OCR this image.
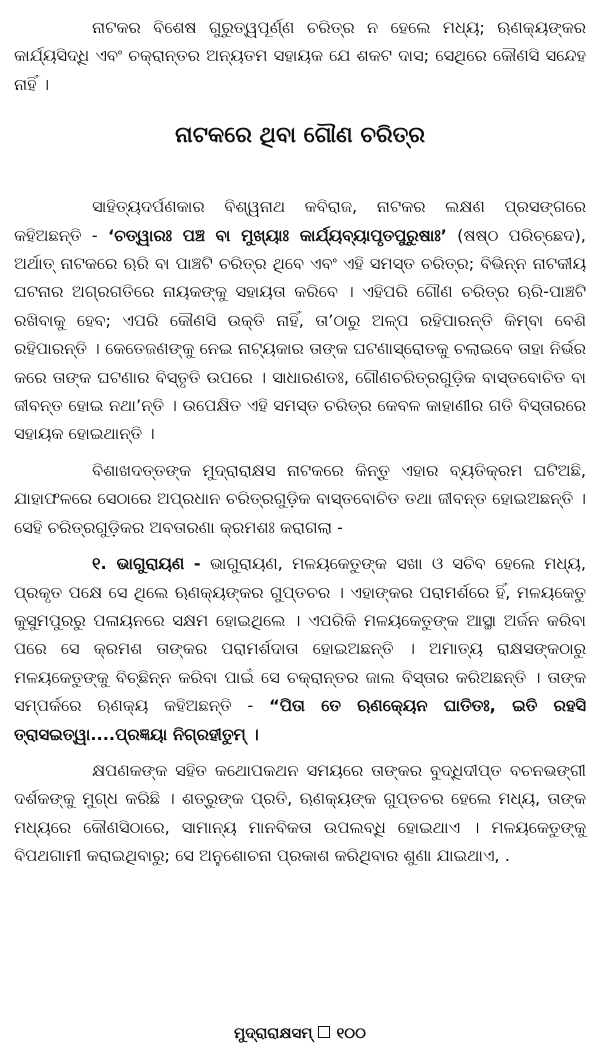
ନାଟକର ବିଶେଷ ଗୁରୁତ୍ୱପୂର୍ଣ୍ଣ ଚରିତ୍ର ନ ହେଲେ ମଧ୍ୟ; ଋଣକ୍ୟଙ୍କର କାର୍ଯ୍ୟସିଦ୍ଧି ଏବଂ ଚକ୍ରାନ୍ତର ଅନ୍ୟତମ ସହାୟକ ଯେ ଶକଟ ଦାସ; ସେଥିରେ କୌଣସି ସନ୍ଦେହ ନାହିଁ ।

ନାଟକରେ ଥିବା ଗୌଣ ଚରିତ୍ର

ସାହିତ୍ୟଦର୍ପଣକାର ବିଶ୍ୱନାଥ କବିରାଜ, ନାଟକର ଲକ୍ଷଣ ପ୍ରସଙ୍ଗରେ କହିଅଛନ୍ତି - ‘ଚତ୍ୱାରଃ ପଞ୍ଚ ବା ମୁଖ୍ୟାଃ କାର୍ଯ୍ୟବ୍ୟାପୃତପୁରୁଷାଃ’ (ଷଷ୍ଠ ପରିଚ୍ଛେଦ), ଅର୍ଥାତ୍ ନାଟକରେ ଋରି ବା ପାଞ୍ଚଟି ଚରିତ୍ର ଥିବେ ଏବଂ ଏହି ସମସ୍ତ ଚରିତ୍ର; ବିଭିନ୍ନ ନାଟକୀୟ ଘଟନାର ଅଗ୍ରଗତିରେ ନାୟକଙ୍କୁ ସହାୟତା କରିବେ । ଏହିପରି ଗୌଣ ଚରିତ୍ର ଋରି-ପାଞ୍ଚଟି ରଖିବାକୁ ହେବ; ଏପରି କୌଣସି ଉକ୍ତି ନାହିଁ, ତା’ଠାରୁ ଅଳ୍ପ ରହିପାରନ୍ତି କିମ୍ବା ବେଶି ରହିପାରନ୍ତି । କେତେଜଣଙ୍କୁ ନେଇ ନାଟ୍ୟକାର ତାଙ୍କ ଘଟଣାସ୍ରୋତକୁ ଚଲାଇବେ ତାହା ନିର୍ଭର କରେ ତାଙ୍କ ଘଟଣାର ବିସ୍ତୃତି ଉପରେ । ସାଧାରଣତଃ, ଗୌଣଚରିତ୍ରଗୁଡ଼ିକ ବାସ୍ତବୋଚିତ ବା ଜୀବନ୍ତ ହୋଇ ନଥା’ନ୍ତି । ଉପେକ୍ଷିତ ଏହି ସମସ୍ତ ଚରିତ୍ର କେବଳ କାହାଣୀର ଗତି ବିସ୍ତାରରେ ସହାୟକ ହୋଇଥାନ୍ତି ।

ବିଶାଖଦତ୍ତଙ୍କ ମୁଦ୍ରାରାକ୍ଷସ ନାଟକରେ କିନ୍ତୁ ଏହାର ବ୍ୟତିକ୍ରମ ଘଟିଅଛି, ଯାହାଫଳରେ ସେଠାରେ ଅପ୍ରଧାନ ଚରିତ୍ରଗୁଡ଼ିକ ବାସ୍ତବୋଚିତ ତଥା ଜୀବନ୍ତ ହୋଇଅଛନ୍ତି । ସେହି ଚରିତ୍ରଗୁଡ଼ିକର ଅବତାରଣା କ୍ରମଶଃ କରାଗଲା -

୧. ଭାଗୁରାୟଣ - ଭାଗୁରାୟଣ, ମଳୟକେତୁଙ୍କ ସଖା ଓ ସଚିବ ହେଲେ ମଧ୍ୟ, ପ୍ରକୃତ ପକ୍ଷେ ସେ ଥିଲେ ଋଣକ୍ୟଙ୍କର ଗୁପ୍ତଚର । ଏହାଙ୍କର ପରାମର୍ଶରେ ହିଁ, ମଳୟକେତୁ କୁସୁମପୁରରୁ ପଳାୟନରେ ସକ୍ଷମ ହୋଇଥିଲେ । ଏପରିକି ମଳୟକେତୁଙ୍କ ଆସ୍ଥା ଅର୍ଜନ କରିବା ପରେ ସେ କ୍ରମଶ ତାଙ୍କର ପରାମର୍ଶଦାତା ହୋଇଅଛନ୍ତି । ଅମାତ୍ୟ ରାକ୍ଷସଙ୍କଠାରୁ ମଳୟକେତୁଙ୍କୁ ବିଚ୍ଛିନ୍ନ କରିବା ପାଇଁ ସେ ଚକ୍ରାନ୍ତର ଜାଲ ବିସ୍ତାର କରିଅଛନ୍ତି । ତାଙ୍କ ସମ୍ପର୍କରେ ଋଣକ୍ୟ କହିଅଛନ୍ତି - “ପିତା ତେ ଋଣକ୍ୟେନ ଘାତିତଃ, ଇତି ରହସି ତ୍ରାସଇତ୍ୱା....ପ୍ରଜ୍ଞୟା ନିଗ୍ରହୀତୁମ୍ ।

କ୍ଷପଣକଙ୍କ ସହିତ କଥୋପକଥନ ସମୟରେ ତାଙ୍କର ବୁଦ୍ଧିଦୀପ୍ତ ବଚନଭଙ୍ଗୀ ଦର୍ଶକଙ୍କୁ ମୁଗ୍ଧ କରିଛି । ଶତ୍ରୁଙ୍କ ପ୍ରତି, ଋଣକ୍ୟଙ୍କ ଗୁପ୍ତଚର ହେଲେ ମଧ୍ୟ, ତାଙ୍କ ମଧ୍ୟରେ କୌଣସିଠାରେ, ସାମାନ୍ୟ ମାନବିକତା ଉପଲବ୍ଧି ହୋଇଥାଏ । ମଳୟକେତୁଙ୍କୁ ବିପଥଗାମୀ କରାଇଥିବାରୁ; ସେ ଅନୁଶୋଚନା ପ୍ରକାଶ କରିଥିବାର ଶୁଣା ଯାଇଥାଏ, .

ମୁଦ୍ରାରାକ୍ଷସମ୍ ୧୦୦
